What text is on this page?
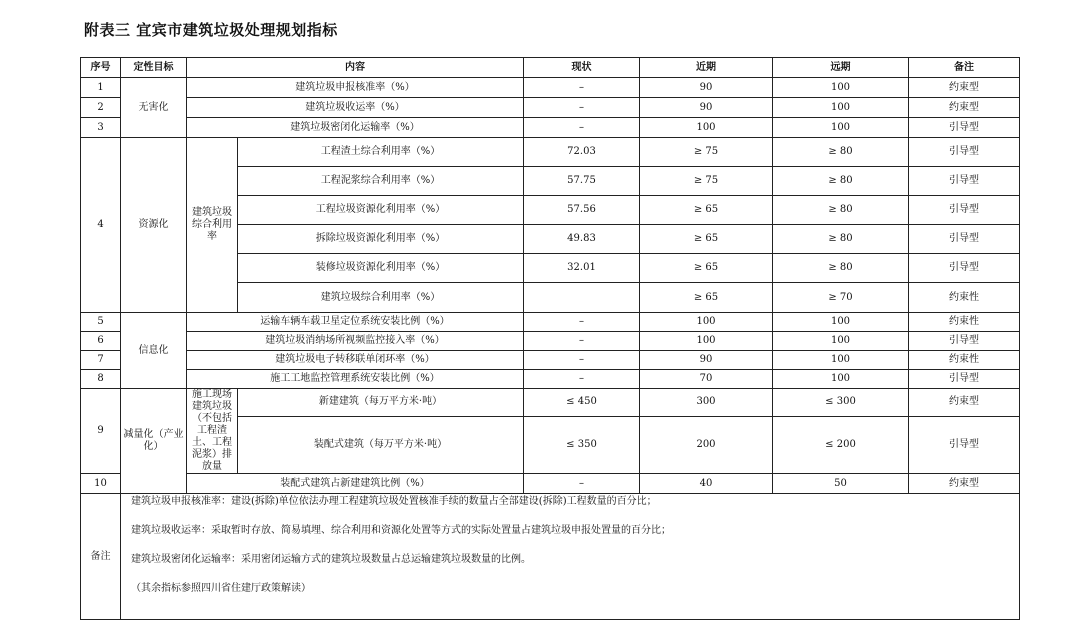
附表三 宜宾市建筑垃圾处理规划指标
序号	定性目标	内容		现状	近期	远期	备注
1	无害化	建筑垃圾申报核准率（%）		–	90	100	约束型
2		建筑垃圾收运率（%）		–	90	100	约束型
3		建筑垃圾密闭化运输率（%）		–	100	100	引导型
4	资源化	建筑垃圾综合利用率	工程渣土综合利用率（%）	72.03	≥ 75	≥ 80	引导型
			工程泥浆综合利用率（%）	57.75	≥ 75	≥ 80	引导型
			工程垃圾资源化利用率（%）	57.56	≥ 65	≥ 80	引导型
			拆除垃圾资源化利用率（%）	49.83	≥ 65	≥ 80	引导型
			装修垃圾资源化利用率（%）	32.01	≥ 65	≥ 80	引导型
			建筑垃圾综合利用率（%）		≥ 65	≥ 70	约束性
5	信息化	运输车辆车载卫星定位系统安装比例（%）		–	100	100	约束性
6		建筑垃圾消纳场所视频监控接入率（%）		–	100	100	引导型
7		建筑垃圾电子转移联单闭环率（%）		–	90	100	约束性
8		施工工地监控管理系统安装比例（%）		–	70	100	引导型
9	减量化（产业化）	施工现场建筑垃圾（不包括工程渣土、工程泥浆）排放量	新建建筑（每万平方米·吨）	≤ 450	300	≤ 300	约束型
			装配式建筑（每万平方米·吨）	≤ 350	200	≤ 200	引导型
10		装配式建筑占新建建筑比例（%）		–	40	50	约束型
备注	建筑垃圾申报核准率：建设(拆除)单位依法办理工程建筑垃圾处置核准手续的数量占全部建设(拆除)工程数量的百分比；
建筑垃圾收运率：采取暂时存放、简易填埋、综合利用和资源化处置等方式的实际处置量占建筑垃圾申报处置量的百分比；
建筑垃圾密闭化运输率：采用密闭运输方式的建筑垃圾数量占总运输建筑垃圾数量的比例。
（其余指标参照四川省住建厅政策解读）						
